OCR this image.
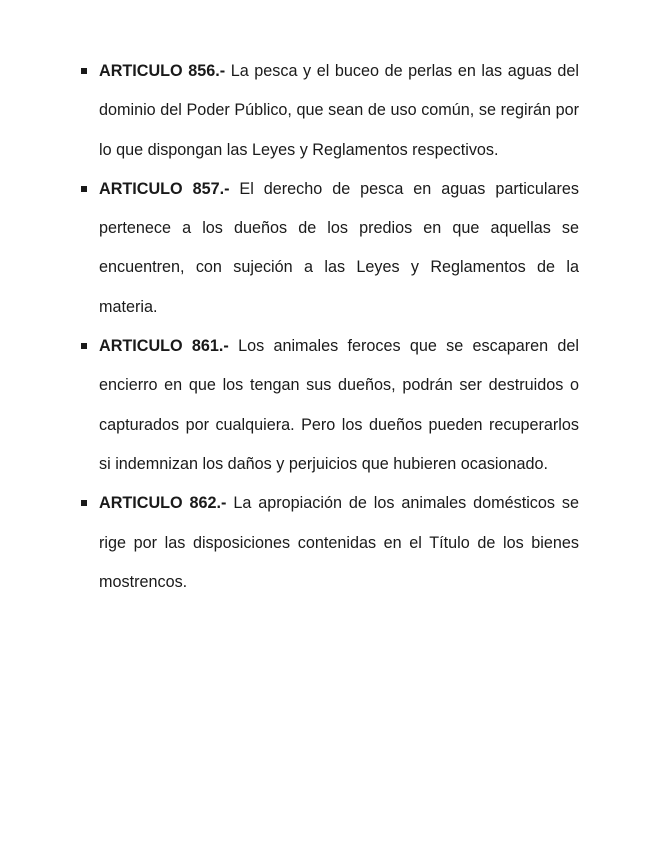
ARTICULO 856.- La pesca y el buceo de perlas en las aguas del dominio del Poder Público, que sean de uso común, se regirán por lo que dispongan las Leyes y Reglamentos respectivos.
ARTICULO 857.- El derecho de pesca en aguas particulares pertenece a los dueños de los predios en que aquellas se encuentren, con sujeción a las Leyes y Reglamentos de la materia.
ARTICULO 861.- Los animales feroces que se escaparen del encierro en que los tengan sus dueños, podrán ser destruidos o capturados por cualquiera. Pero los dueños pueden recuperarlos si indemnizan los daños y perjuicios que hubieren ocasionado.
ARTICULO 862.- La apropiación de los animales domésticos se rige por las disposiciones contenidas en el Título de los bienes mostrencos.
